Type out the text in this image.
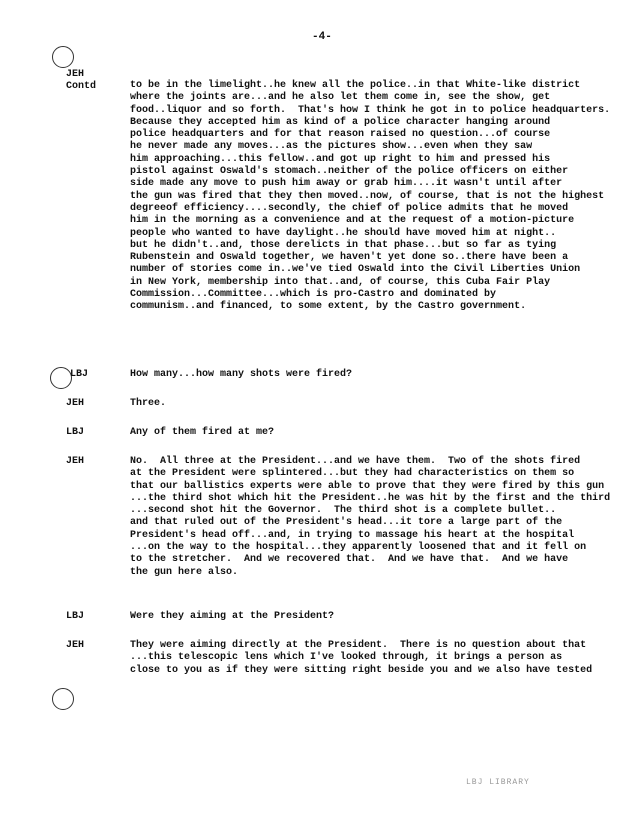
-4-
JEH
Contd	to be in the limelight..he knew all the police..in that White-like district
where the joints are...and he also let them come in, see the show, get
food..liquor and so forth.  That's how I think he got in to police headquarters.
Because they accepted him as kind of a police character hanging around
police headquarters and for that reason raised no question...of course
he never made any moves...as the pictures show...even when they saw
him approaching...this fellow..and got up right to him and pressed his
pistol against Oswald's stomach..neither of the police officers on either
side made any move to push him away or grab him....it wasn't until after
the gun was fired that they then moved..now, of course, that is not the highest
degreeof efficiency....secondly, the chief of police admits that he moved
him in the morning as a convenience and at the request of a motion-picture
people who wanted to have daylight..he should have moved him at night..
but he didn't..and, those derelicts in that phase...but so far as tying
Rubenstein and Oswald together, we haven't yet done so..there have been a
number of stories come in..we've tied Oswald into the Civil Liberties Union
in New York, membership into that..and, of course, this Cuba Fair Play
Commission...Committee...which is pro-Castro and dominated by
communism..and financed, to some extent, by the Castro government.
LBJ	How many...how many shots were fired?
JEH	Three.
LBJ	Any of them fired at me?
JEH	No.  All three at the President...and we have them.  Two of the shots fired
at the President were splintered...but they had characteristics on them so
that our ballistics experts were able to prove that they were fired by this gun
...the third shot which hit the President..he was hit by the first and the third
...second shot hit the Governor.  The third shot is a complete bullet..
and that ruled out of the President's head...it tore a large part of the
President's head off...and, in trying to massage his heart at the hospital
...on the way to the hospital...they apparently loosened that and it fell on
to the stretcher.  And we recovered that.  And we have that.  And we have
the gun here also.
LBJ	Were they aiming at the President?
JEH	They were aiming directly at the President.  There is no question about that
...this telescopic lens which I've looked through, it brings a person as
close to you as if they were sitting right beside you and we also have tested
LBJ LIBRARY
